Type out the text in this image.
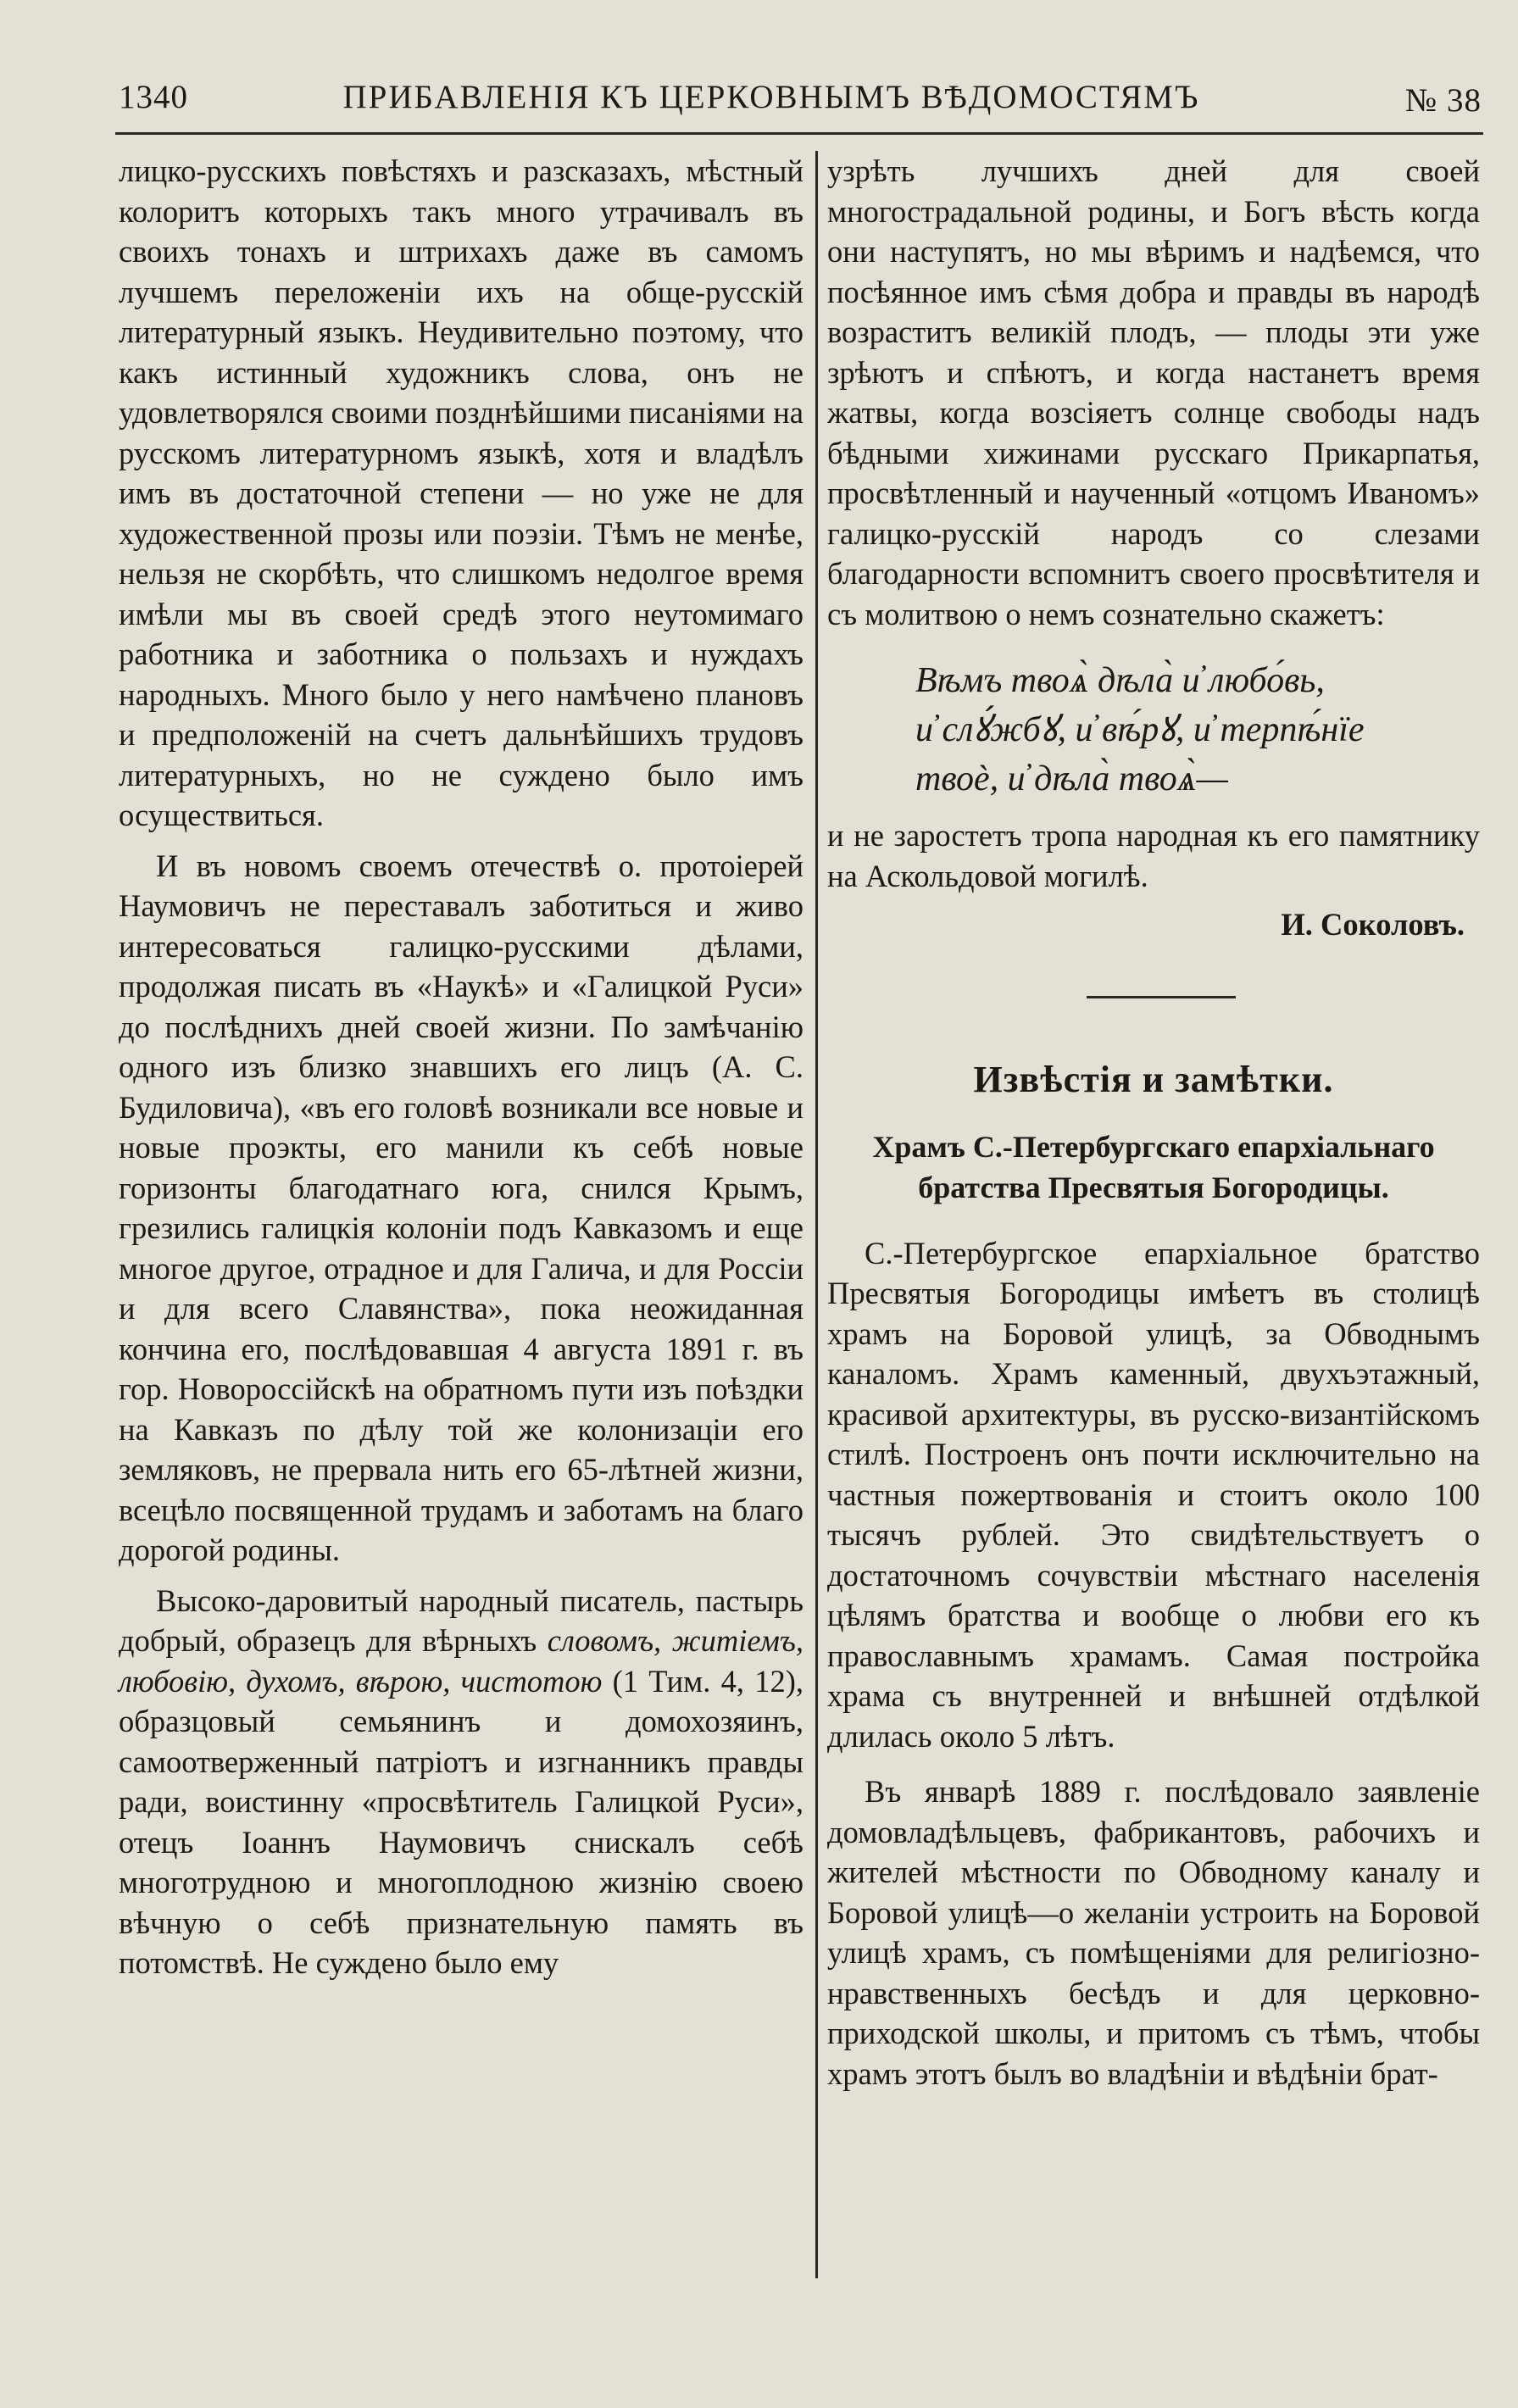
1340	ПРИБАВЛЕНІЯ КЪ ЦЕРКОВНЫМЪ ВѢДОМОСТЯМЪ	№ 38

лицко-русскихъ повѣстяхъ и разсказахъ, мѣстный колоритъ которыхъ такъ много утрачивалъ въ своихъ тонахъ и штрихахъ даже въ самомъ лучшемъ переложеніи ихъ на обще-русскій литературный языкъ. Неудивительно поэтому, что какъ истинный художникъ слова, онъ не удовлетворялся своими позднѣйшими писаніями на русскомъ литературномъ языкѣ, хотя и владѣлъ имъ въ достаточной степени — но уже не для художественной прозы или поэзіи. Тѣмъ не менѣе, нельзя не скорбѣть, что слишкомъ недолгое время имѣли мы въ своей средѣ этого неутомимаго работника и заботника о пользахъ и нуждахъ народныхъ. Много было у него намѣчено плановъ и предположеній на счетъ дальнѣйшихъ трудовъ литературныхъ, но не суждено было имъ осуществиться.

И въ новомъ своемъ отечествѣ о. протоіерей Наумовичъ не переставалъ заботиться и живо интересоваться галицко-русскими дѣлами, продолжая писать въ «Наукѣ» и «Галицкой Руси» до послѣднихъ дней своей жизни. По замѣчанію одного изъ близко знавшихъ его лицъ (А. С. Будиловича), «въ его головѣ возникали все новые и новые проэкты, его манили къ себѣ новые горизонты благодатнаго юга, снился Крымъ, грезились галицкія колоніи подъ Кавказомъ и еще многое другое, отрадное и для Галича, и для Россіи и для всего Славянства», пока неожиданная кончина его, послѣдовавшая 4 августа 1891 г. въ гор. Новороссійскѣ на обратномъ пути изъ поѣздки на Кавказъ по дѣлу той же колонизаціи его земляковъ, не прервала нить его 65-лѣтней жизни, всецѣло посвященной трудамъ и заботамъ на благо дорогой родины.

Высоко-даровитый народный писатель, пастырь добрый, образецъ для вѣрныхъ словомъ, житіемъ, любовію, духомъ, вѣрою, чистотою (1 Тим. 4, 12), образцовый семьянинъ и домохозяинъ, самоотверженный патріотъ и изгнанникъ правды ради, воистинну «просвѣтитель Галицкой Руси», отецъ Іоаннъ Наумовичъ снискалъ себѣ многотрудною и многоплодною жизнію своею вѣчную о себѣ признательную память въ потомствѣ. Не суждено было ему

узрѣть лучшихъ дней для своей многострадальной родины, и Богъ вѣсть когда они наступятъ, но мы вѣримъ и надѣемся, что посѣянное имъ сѣмя добра и правды въ народѣ возраститъ великій плодъ, — плоды эти уже зрѣютъ и спѣютъ, и когда настанетъ время жатвы, когда возсіяетъ солнце свободы надъ бѣдными хижинами русскаго Прикарпатья, просвѣтленный и наученный «отцомъ Иваномъ» галицко-русскій народъ со слезами благодарности вспомнитъ своего просвѣтителя и съ молитвою о немъ сознательно скажетъ:

Вѣмъ твоѧ̀ дѣла̀ и҆ любо́вь,
и҆ слꙋ́жбꙋ, и҆ вѣ́рꙋ, и҆ терпѣ́нїе
твоѐ, и҆ дѣла̀ твоѧ̀—

и не заростетъ тропа народная къ его памятнику на Аскольдовой могилѣ.

И. Соколовъ.

Извѣстія и замѣтки.

Храмъ С.-Петербургскаго епархіальнаго братства Пресвятыя Богородицы.

С.-Петербургское епархіальное братство Пресвятыя Богородицы имѣетъ въ столицѣ храмъ на Боровой улицѣ, за Обводнымъ каналомъ. Храмъ каменный, двухъэтажный, красивой архитектуры, въ русско-византійскомъ стилѣ. Построенъ онъ почти исключительно на частныя пожертвованія и стоитъ около 100 тысячъ рублей. Это свидѣтельствуетъ о достаточномъ сочувствіи мѣстнаго населенія цѣлямъ братства и вообще о любви его къ православнымъ храмамъ. Самая постройка храма съ внутренней и внѣшней отдѣлкой длилась около 5 лѣтъ.

Въ январѣ 1889 г. послѣдовало заявленіе домовладѣльцевъ, фабрикантовъ, рабочихъ и жителей мѣстности по Обводному каналу и Боровой улицѣ—о желаніи устроить на Боровой улицѣ храмъ, съ помѣщеніями для религіозно-нравственныхъ бесѣдъ и для церковно-приходской школы, и притомъ съ тѣмъ, чтобы храмъ этотъ былъ во владѣніи и вѣдѣніи брат-
